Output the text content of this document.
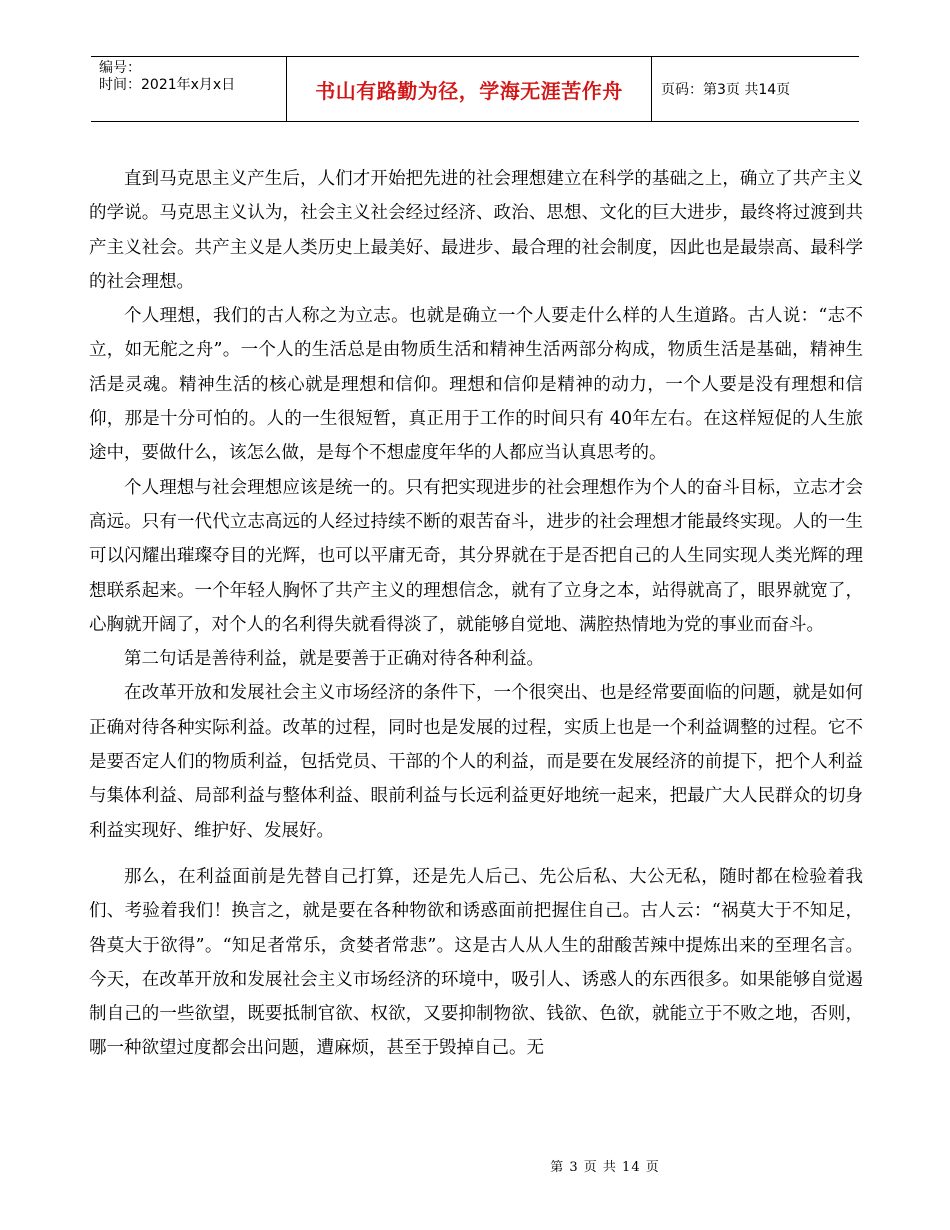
编号：
时间：2021年x月x日	书山有路勤为径，学海无涯苦作舟	页码：第3页 共14页

直到马克思主义产生后，人们才开始把先进的社会理想建立在科学的基础之上，确立了共产主义的学说。马克思主义认为，社会主义社会经过经济、政治、思想、文化的巨大进步，最终将过渡到共产主义社会。共产主义是人类历史上最美好、最进步、最合理的社会制度，因此也是最崇高、最科学的社会理想。

个人理想，我们的古人称之为立志。也就是确立一个人要走什么样的人生道路。古人说：“志不立，如无舵之舟”。一个人的生活总是由物质生活和精神生活两部分构成，物质生活是基础，精神生活是灵魂。精神生活的核心就是理想和信仰。理想和信仰是精神的动力，一个人要是没有理想和信仰，那是十分可怕的。人的一生很短暂，真正用于工作的时间只有 40年左右。在这样短促的人生旅途中，要做什么，该怎么做，是每个不想虚度年华的人都应当认真思考的。

个人理想与社会理想应该是统一的。只有把实现进步的社会理想作为个人的奋斗目标，立志才会高远。只有一代代立志高远的人经过持续不断的艰苦奋斗，进步的社会理想才能最终实现。人的一生可以闪耀出璀璨夺目的光辉，也可以平庸无奇，其分界就在于是否把自己的人生同实现人类光辉的理想联系起来。一个年轻人胸怀了共产主义的理想信念，就有了立身之本，站得就高了，眼界就宽了，心胸就开阔了，对个人的名利得失就看得淡了，就能够自觉地、满腔热情地为党的事业而奋斗。

第二句话是善待利益，就是要善于正确对待各种利益。

在改革开放和发展社会主义市场经济的条件下，一个很突出、也是经常要面临的问题，就是如何正确对待各种实际利益。改革的过程，同时也是发展的过程，实质上也是一个利益调整的过程。它不是要否定人们的物质利益，包括党员、干部的个人的利益，而是要在发展经济的前提下，把个人利益与集体利益、局部利益与整体利益、眼前利益与长远利益更好地统一起来，把最广大人民群众的切身利益实现好、维护好、发展好。

那么，在利益面前是先替自己打算，还是先人后己、先公后私、大公无私，随时都在检验着我们、考验着我们！换言之，就是要在各种物欲和诱惑面前把握住自己。古人云：“祸莫大于不知足，咎莫大于欲得”。“知足者常乐，贪婪者常悲”。这是古人从人生的甜酸苦辣中提炼出来的至理名言。今天，在改革开放和发展社会主义市场经济的环境中，吸引人、诱惑人的东西很多。如果能够自觉遏制自己的一些欲望，既要抵制官欲、权欲，又要抑制物欲、钱欲、色欲，就能立于不败之地，否则，哪一种欲望过度都会出问题，遭麻烦，甚至于毁掉自己。无

第 3 页 共 14 页
